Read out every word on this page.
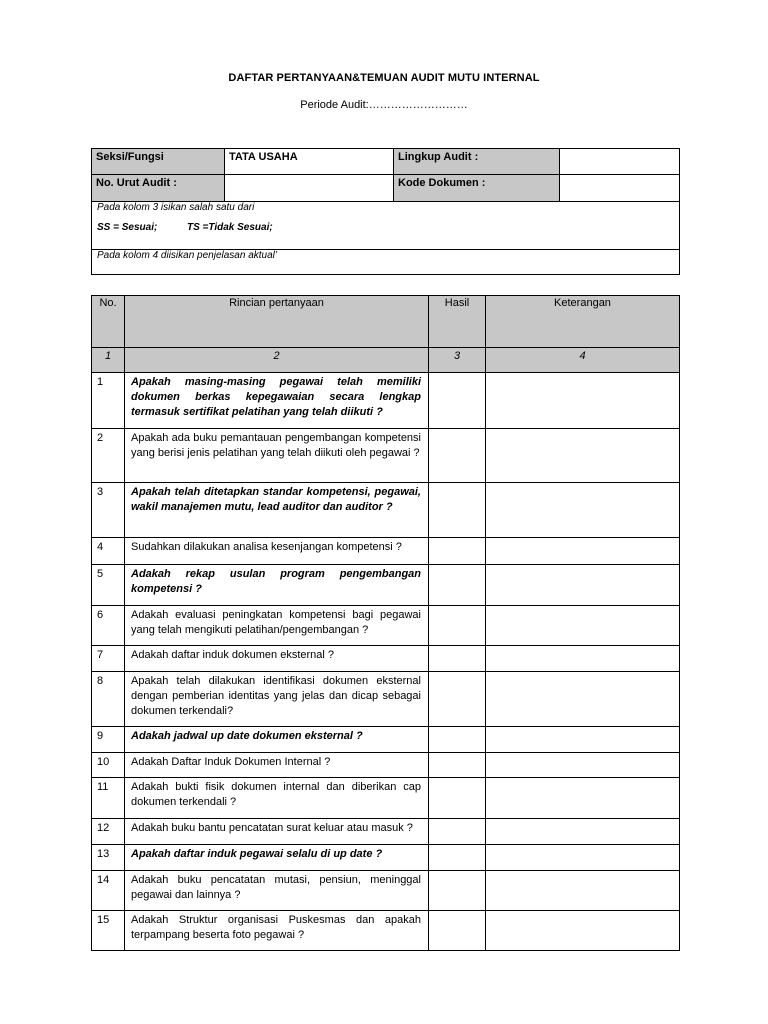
DAFTAR PERTANYAAN&TEMUAN AUDIT MUTU INTERNAL
Periode Audit:………………………
Seksi/Fungsi	TATA USAHA	Lingkup Audit :	
No. Urut Audit :		Kode Dokumen :	

Pada kolom 3 isikan salah satu dari
SS = Sesuai; TS =Tidak Sesuai;			

Pada kolom 4 diisikan penjelasan aktual’			
No.	Rincian pertanyaan	Hasil	Keterangan
1	2	3	4
1	Apakah masing-masing pegawai telah memiliki dokumen berkas kepegawaian secara lengkap termasuk sertifikat pelatihan yang telah diikuti ?		
2	Apakah ada buku pemantauan pengembangan kompetensi yang berisi jenis pelatihan yang telah diikuti oleh pegawai ?		
3	Apakah telah ditetapkan standar kompetensi, pegawai, wakil manajemen mutu, lead auditor dan auditor ?		
4	Sudahkan dilakukan analisa kesenjangan kompetensi ?		
5	Adakah rekap usulan program pengembangan kompetensi ?		
6	Adakah evaluasi peningkatan kompetensi bagi pegawai yang telah mengikuti pelatihan/pengembangan ?		
7	Adakah daftar induk dokumen eksternal ?		
8	Apakah telah dilakukan identifikasi dokumen eksternal dengan pemberian identitas yang jelas dan dicap sebagai dokumen terkendali?		
9	Adakah jadwal up date dokumen eksternal ?		
10	Adakah Daftar Induk Dokumen Internal ?		
11	Adakah bukti fisik dokumen internal dan diberikan cap dokumen terkendali ?		
12	Adakah buku bantu pencatatan surat keluar atau masuk ?		
13	Apakah daftar induk pegawai selalu di up date ?		
14	Adakah buku pencatatan mutasi, pensiun, meninggal pegawai dan lainnya ?		
15	Adakah Struktur organisasi Puskesmas dan apakah terpampang beserta foto pegawai ?		
